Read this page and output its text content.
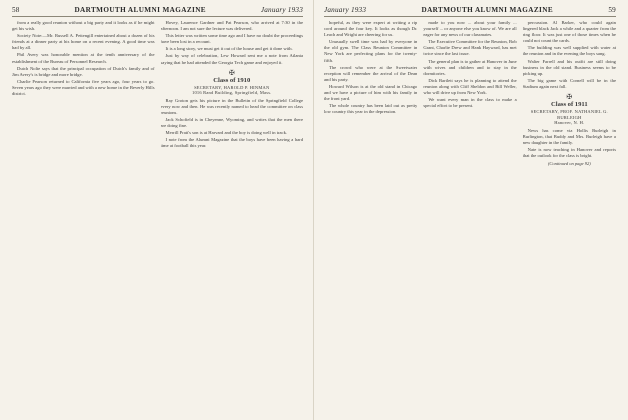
58	DARTMOUTH ALUMNI MAGAZINE	January 1933

from a really good reunion without a big party and it looks as if he might get his wish.

Society Note:—Mr. Russell A. Pettengill entertained about a dozen of his friends at a dinner party at his home on a recent evening. A good time was had by all.

Phil Avery was honorable mention at the tenth anniversary of the establishment of the Bureau of Personnel Research.

Dutch Nolte says that the principal occupation of Dutch's family and of Jim Avery's is bridge and more bridge.

Charlie Pearson returned to California five years ago, four years to go. Seven years ago they were married and with a new home in the Beverly Hills district.

Hovey, Laurence Gardner and Pat Pearson, who arrived at 7:30 in the afternoon. I am not sure the lecture was delivered.

This letter was written some time ago and I have no doubt the proceedings have been lost in a recount.

It is a long story, we must get it out of the house and get it done with.

Just by way of celebration, Lew Howard sent me a note from Atlanta saying that he had attended the Georgia Tech game and enjoyed it.

✠
Class of 1910
SECRETARY, HAROLD P. HINMAN
1016 Rand Building, Springfield, Mass.

Ray Groton gets his picture in the Bulletin of the Springfield College every now and then. He was recently named to head the committee on class reunions.

Jack Schofield is in Cheyenne, Wyoming, and writes that the men there are doing fine.

Merrill Pratt's son is at Harvard and the boy is doing well in track.

I note from the Alumni Magazine that the boys have been having a hard time at football this year.

January 1933	DARTMOUTH ALUMNI MAGAZINE	59

hopeful, as they were expert at writing a rip cord around the four key. It looks as though Dr. Leach and Wright are cheering for us.

Unusually swell time was had by everyone in the old gym. The Class Reunion Committee in New York are perfecting plans for the twenty-fifth.

The crowd who were at the Sweetwater reception will remember the arrival of the Dean and his party.

Howard Wilson is at the old stand in Chicago and we have a picture of him with his family in the front yard.

The whole country has been laid out as pretty low country this year in the depression.

made to you now ... about your family ... yourself ... or anyone else you know of. We are all eager for any news of our classmates.

The Executive Committee for the Reunion, Bob Grant, Charlie Drew and Hank Hayward, has met twice since the last issue.

The general plan is to gather at Hanover in June with wives and children and to stay in the dormitories.

Dick Bartlett says he is planning to attend the reunion along with Cliff Sheldon and Bill Weller, who will drive up from New York.

We want every man in the class to make a special effort to be present.

percussion. Al Barker, who could again lingered black Jack a while and a quarter from the ring floor. It was just one of those times when he could not count the cards.

The building was well supplied with water at the reunion and in the evening the boys sang.

Walter Farrell and his outfit are still doing business in the old stand. Business seems to be picking up.

The big game with Cornell will be in the Stadium again next fall.

✠
Class of 1911
SECRETARY, PROF. NATHANIEL G. BURLEIGH
Hanover, N. H.

News has come via Hollis Burleigh in Burlington, that Buddy and Mrs. Burleigh have a new daughter in the family.

Nate is now teaching in Hanover and reports that the outlook for the class is bright.

(Continued on page 92)
